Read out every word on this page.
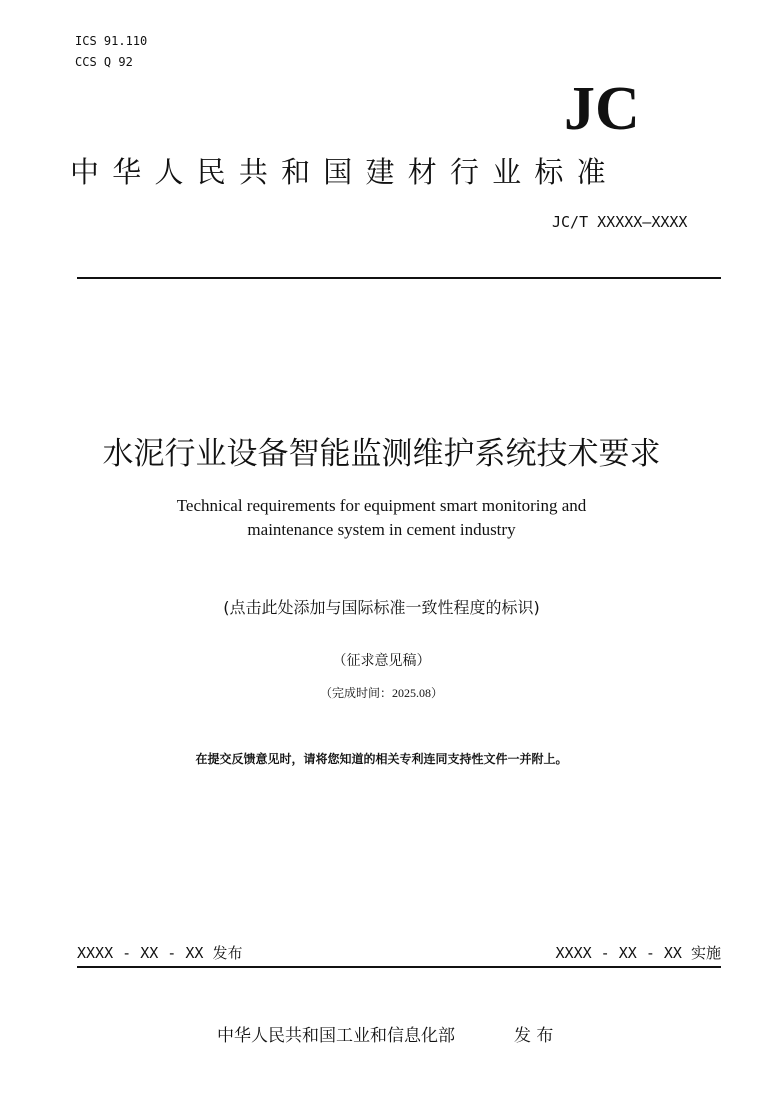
ICS 91.110
CCS Q 92
JC
中 华 人 民 共 和 国 建 材 行 业 标 准
JC/T XXXXX—XXXX
水泥行业设备智能监测维护系统技术要求
Technical requirements for equipment smart monitoring and
maintenance system in cement industry
(点击此处添加与国际标准一致性程度的标识)
（征求意见稿）
（完成时间：2025.08）
在提交反馈意见时，请将您知道的相关专利连同支持性文件一并附上。
XXXX - XX - XX 发布	XXXX - XX - XX 实施
中华人民共和国工业和信息化部	发 布
